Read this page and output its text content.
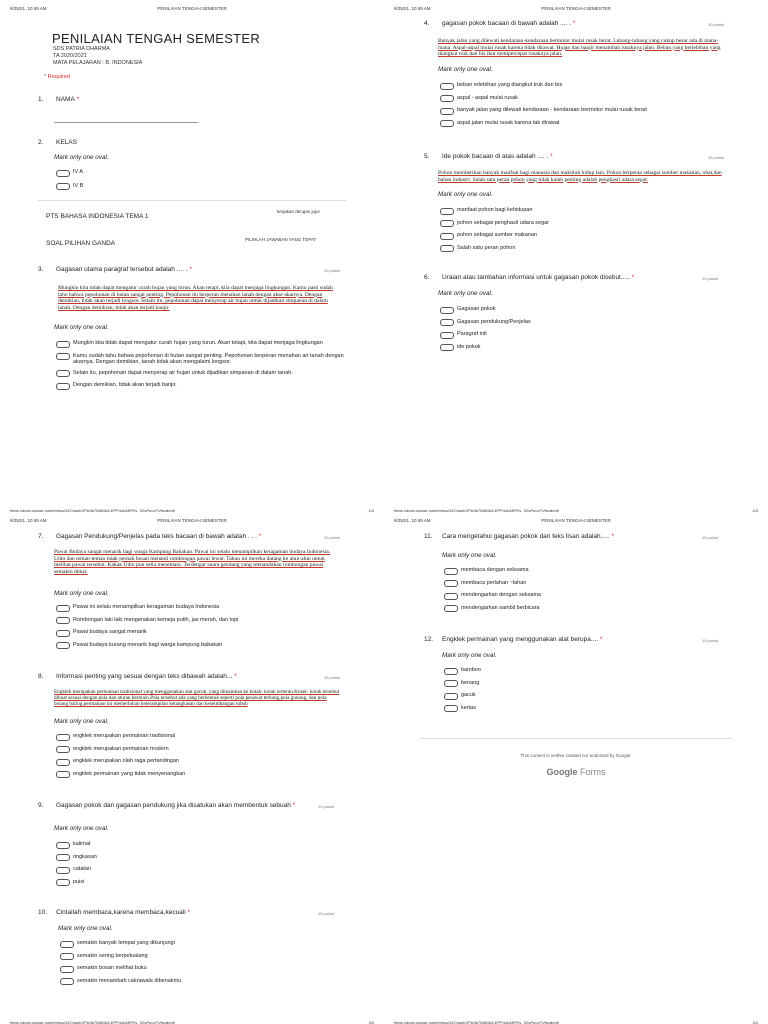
9/25/21, 10:49 AM	PENILAIAN TENGAH SEMESTER
PENILAIAN TENGAH SEMESTER
SDS PATRIA DHARMA
TA 2020/2021
MATA PELAJARAN : B. INDONESIA
* Required
1.	NAMA
*
2.	KELAS
Mark only one oval.
IV A
IV B
PTS BAHASA INDONESIA TEMA 1
kerjakan dengan jujur
SOAL PILIHAN GANDA
PILIHLAH JAWABAN YANG TEPAT
3.	Gagasan utama paragraf tersebut adalah .... .
*	10 points
Mungkin kita tidak dapat mengatur curah hujan yang turun. Akan tetapi, kita dapat menjaga lingkungan. Kamu pasti sudah tahu bahwa pepohonan di hutan sangat penting. Pepohonan itu berperan menahan tanah dengan akar-akarnya. Dengan demikian, tidak akan terjadi longsor. Selain itu, pepohonan dapat menyerap air hujan untuk dijadikan simpanan di dalam tanah. Dengan demikian, tidak akan terjadi banjir.
Mark only one oval.
Mungkin kita tidak dapat mengatur curah hujan yang turun. Akan tetapi, kita dapat menjaga lingkungan
Kamu sudah tahu bahwa pepohonan di hutan sangat penting. Pepohonan berperan menahan air tanah dengan akarnya. Dengan demikian, tanah tidak akan mengalami longsor.
Selain itu, pepohonan dapat menyerap air hujan untuk dijadikan simpanan di dalam tanah.
Dengan demikian, tidak akan terjadi banjir.
https://docs.google.com/forms/d/1CespkVPw4b7M6NiULEPP4ovAEPhv_X2sPuovYVbcgledit	1/4
9/25/21, 10:49 AM	PENILAIAN TENGAH SEMESTER
4.	gagasan pokok bacaan di bawah adalah .... .
*	10 points
Banyak jalan yang dilewati kendaraan-kendaraan bermotor mulai rusak berat. Lubang-lubang yang cukup besar ada di mana-mana. Aspal-aspal mulai rusak karena tidak dirawat. Hujan dan banjir menambah rusaknya jalan. Beban yang berlebihan yang diangkut truk dan bis ikut mempercepat rusaknya jalan.
Mark only one oval.
beban erlebihan yang diangkut truk dan bis
aspal - aspal mulai rusak
banyak jalan yang dilewati kendaraan - kendaraan bermotor mulai rusak berat
aspal jalan mulai rusak karena tak dirawat
5.	Ide pokok bacaan di atas adalah .... .
*	10 points
Pohon memberikan banyak manfaat bagi manusia dan makhluk hidup lain. Pohon berperan sebagai sumber makanan, obat,dan bahan industri. Salah satu peran pohon yang tidak kalah penting adalah penghasil udara segar.
Mark only one oval.
manfaat pohon bagi kehidupan
pohon sebagai penghasil udara segar
pohon sebagai sumber makanan
Salah satu peran pohon
6.	Uraian atau tambahan informasi untuk gagasan pokok disebut.....
*	10 points
Mark only one oval.
Gagasan pokok
Gagasan pendukung/Penjelas
Paragraf inti
ide pokok
https://docs.google.com/forms/d/1CespkVPw4b7M6NiULEPP4ovAEPhv_X2sPuovYVbcgledit	2/4
9/25/21, 10:49 AM	PENILAIAN TENGAH SEMESTER
7.	Gagasan Pendukung/Penjelas pada teks bacaan di bawah adalah . . .
*	10 points
Pawai Budaya sangat menarik bagi warga Kampung Babakan. Pawai ini selalu menampilkan keragaman budaya Indonesia. Udin dan teman-teman tidak pernah bosan menanti rombongan pawai lewat. Tahun ini mereka datang ke alun-alun untuk melihat pawai tersebut. Kakak Udin pun setia menemani. Terdengar suara gendang yang menandakan rombongan pawai semakin dekat.
Mark only one oval.
Pawai ini selalu menampilkan keragaman budaya Indonesia
Rombongan laki laki mengenakan kemeja putih, jas merah, dan topi
Pawai budaya sangat menarik
Pawai budaya kurang menarik bagi warga kampung babakan
8.	Informasi penting yang sesuai dengan teks dibawah adalah...
*	10 points
Engklek merupakan permainan tradisional yang menggunakan alat gacuk, yang dimainkan ke kotak- kotak tertentu.Kotak- kotak tersebut dibuat sesuai dengan pola dan aturan bermain.Pola tersebut ada yang berbentuk seperti pola pesawat terbang,pola gunung, dan pola bolang baling.permainan ini memerlukan keterampilan ketangkasan dan keseimbangan tubuh
Mark only one oval.
engklek merupakan permainan tradisional
engklek merupakan permainan modern
engklek merupakan olah raga pertandingan
engklek permainan yang tidak menyenangkan
9.	Gagasan pokok dan gagasan pendukung jika disatukan akan membentuk sebuah
*	10 points
Mark only one oval.
kalimat
ringkasan
catatan
puisi
10.	Cintailah membaca,karena membaca,kecuali
*	10 points
Mark only one oval.
semakin banyak tempat yang dikunjungi
semakin sering berpetualang
semakin bosan melihat buku
semakin menambah cakrawala dibenakmu
https://docs.google.com/forms/d/1CespkVPw4b7M6NiULEPP4ovAEPhv_X2sPuovYVbcgledit	3/4
9/25/21, 10:49 AM	PENILAIAN TENGAH SEMESTER
11.	Cara mengetahui gagasan pokok dari teks lisan adalah.....
*	10 points
Mark only one oval.
membaca dengan seksama
membaca perlahan ~lahan
mendengarkan dengan seksama
mendengarkan sambil berbicara
12.	Engklek permainan yang menggunakan alat berupa....
*	10 points
Mark only one oval.
bamboo
benang
gacuk
kertas
This content is neither created nor endorsed by Google.
Google Forms
https://docs.google.com/forms/d/1CespkVPw4b7M6NiULEPP4ovAEPhv_X2sPuovYVbcgledit	4/4
